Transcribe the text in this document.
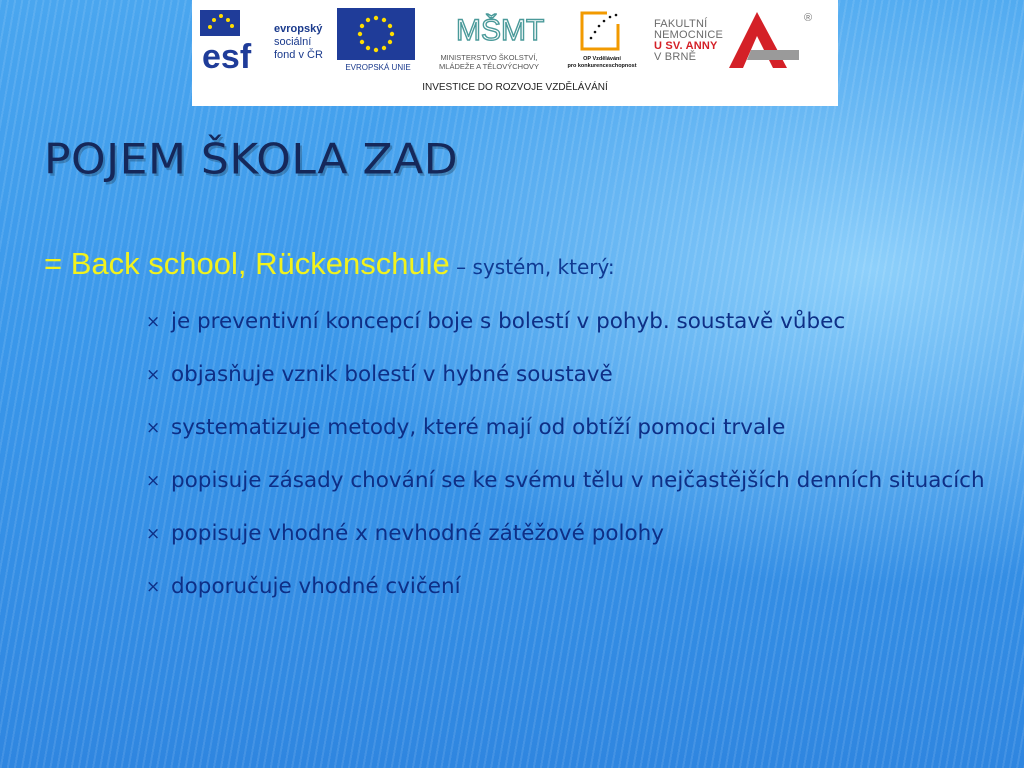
esf
evropský
sociální
fond v ČR
EVROPSKÁ UNIE
MŠMT
MINISTERSTVO ŠKOLSTVÍ,
MLÁDEŽE A TĚLOVÝCHOVY
OP Vzdělávání
pro konkurenceschopnost
FAKULTNÍ
NEMOCNICE
U SV. ANNY
V BRNĚ
®
INVESTICE DO ROZVOJE VZDĚLÁVÁNÍ
POJEM ŠKOLA ZAD
= Back school, Rückenschule – systém, který:
× je preventivní koncepcí boje s bolestí v pohyb. soustavě vůbec
× objasňuje vznik bolestí v hybné soustavě
× systematizuje metody, které mají od obtíží pomoci trvale
× popisuje zásady chování se ke svému tělu v nejčastějších denních situacích
× popisuje vhodné x nevhodné zátěžové polohy
× doporučuje vhodné cvičení
